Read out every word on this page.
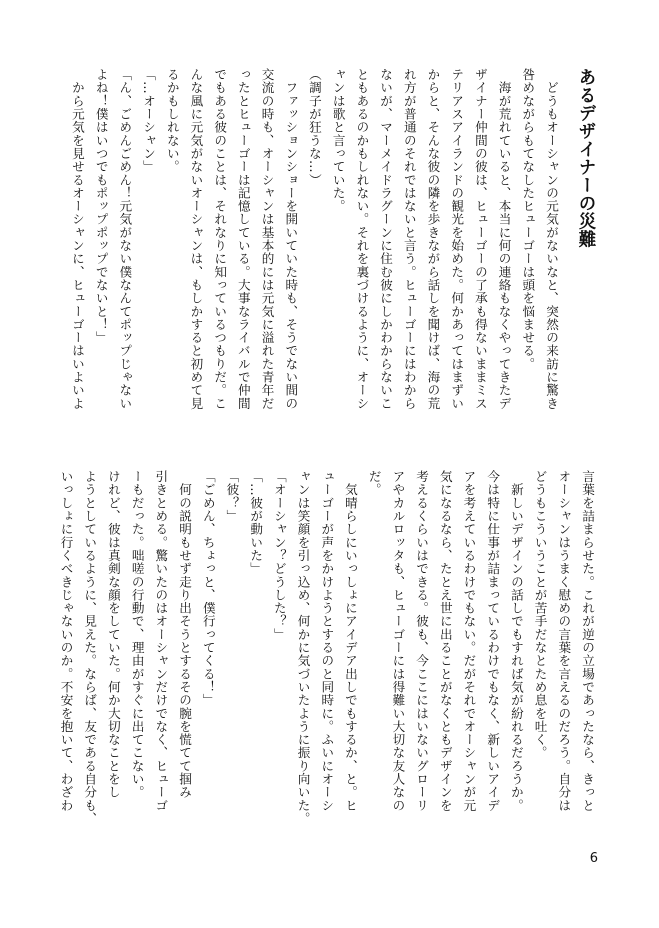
あるデザイナーの災難
　どうもオーシャンの元気がないなと、突然の来訪に驚き
咎めながらもてなしたヒューゴーは頭を悩ませる。
　海が荒れていると、本当に何の連絡もなくやってきたデ
ザイナー仲間の彼は、ヒューゴーの了承も得ないままミス
テリアスアイランドの観光を始めた。何かあってはまずい
からと、そんな彼の隣を歩きながら話しを聞けば、海の荒
れ方が普通のそれではないと言う。ヒューゴーにはわから
ないが、マーメイドラグーンに住む彼にしかわからないこ
ともあるのかもしれない。それを裏づけるように、オーシ
ャンは歌と言っていた。
（調子が狂うな…）
　ファッションショーを開いていた時も、そうでない間の
交流の時も、オーシャンは基本的には元気に溢れた青年だ
ったとヒューゴーは記憶している。大事なライバルで仲間
でもある彼のことは、それなりに知っているつもりだ。こ
んな風に元気がないオーシャンは、もしかすると初めて見
るかもしれない。
「…オーシャン」
「ん、ごめんごめん！元気がない僕なんてポップじゃない
よね！僕はいつでもポップポップでないと！」
　から元気を見せるオーシャンに、ヒューゴーはいよいよ
言葉を詰まらせた。これが逆の立場であったなら、きっと
オーシャンはうまく慰めの言葉を言えるのだろう。自分は
どうもこういうことが苦手だなとため息を吐く。
　新しいデザインの話しでもすれば気が紛れるだろうか。
今は特に仕事が詰まっているわけでもなく、新しいアイデ
アを考えているわけでもない。だがそれでオーシャンが元
気になるなら、たとえ世に出ることがなくともデザインを
考えるくらいはできる。彼も、今ここにはいないグローリ
アやカルロッタも、ヒューゴーには得難い大切な友人なの
だ。
　気晴らしにいっしょにアイデア出しでもするか、と。ヒ
ューゴーが声をかけようとするのと同時に。ふいにオーシ
ャンは笑顔を引っ込め、何かに気づいたように振り向いた。
「オーシャン？どうした？」
「…彼が動いた」
「彼？」
「ごめん、ちょっと、僕行ってくる！」
　何の説明もせず走り出そうとするその腕を慌てて掴み
引きとめる。驚いたのはオーシャンだけでなく、ヒューゴ
ーもだった。咄嗟の行動で、理由がすぐに出てこない。
けれど、彼は真剣な顔をしていた。何か大切なことをし
ようとしているように、見えた。ならば、友である自分も、
いっしょに行くべきじゃないのか。不安を抱いて、わざわ
6
